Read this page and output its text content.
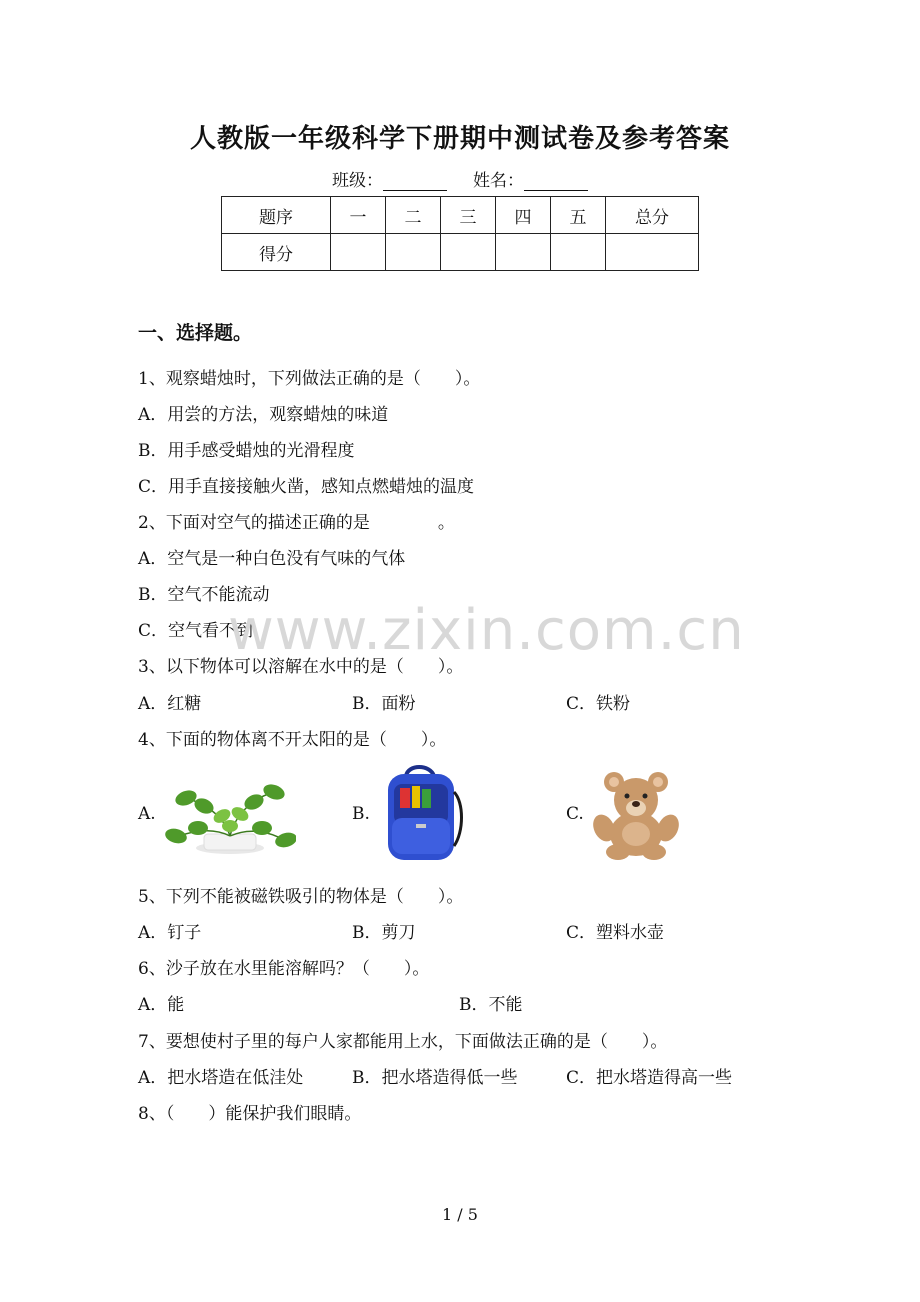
人教版一年级科学下册期中测试卷及参考答案
班级：	姓名：
题序	一	二	三	四	五	总分
得分						
一、选择题。
1、观察蜡烛时，下列做法正确的是（　　）。
A．用尝的方法，观察蜡烛的味道
B．用手感受蜡烛的光滑程度
C．用手直接接触火凿，感知点燃蜡烛的温度
2、下面对空气的描述正确的是　　　　。
A．空气是一种白色没有气味的气体
B．空气不能流动
C．空气看不到
www.zixin.com.cn
3、以下物体可以溶解在水中的是（　　）。
A．红糖	B．面粉	C．铁粉
4、下面的物体离不开太阳的是（　　）。
A.	B.	C.
5、下列不能被磁铁吸引的物体是（　　）。
A．钉子	B．剪刀	C．塑料水壶
6、沙子放在水里能溶解吗？（　　）。
A．能	B．不能
7、要想使村子里的每户人家都能用上水，下面做法正确的是（　　）。
A．把水塔造在低洼处	B．把水塔造得低一些	C．把水塔造得高一些
8、（　　）能保护我们眼睛。
1 / 5
